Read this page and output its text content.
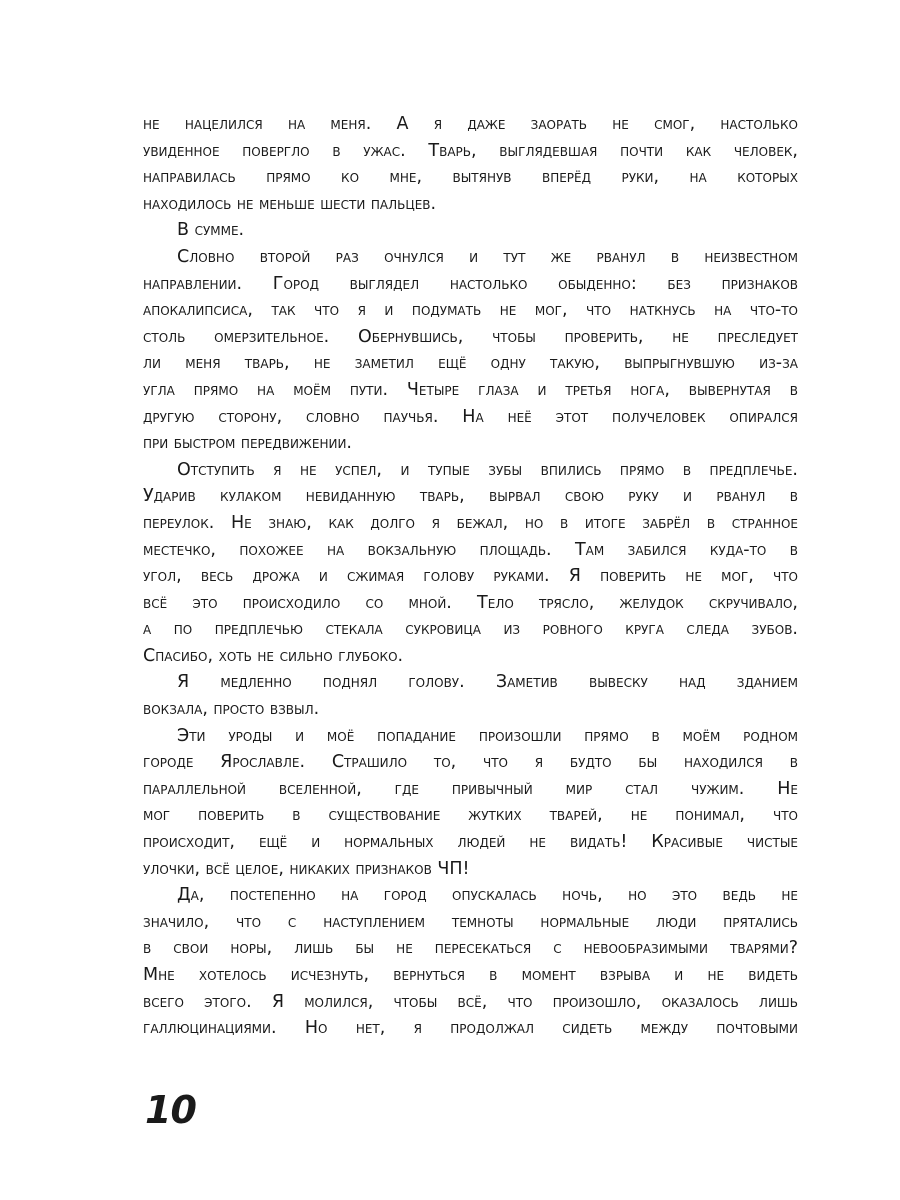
не нацелился на меня. А я даже заорать не смог, настолько
увиденное повергло в ужас. Тварь, выглядевшая почти как человек,
направилась прямо ко мне, вытянув вперёд руки, на которых
находилось не меньше шести пальцев.
В сумме.
Словно второй раз очнулся и тут же рванул в неизвестном
направлении. Город выглядел настолько обыденно: без признаков
апокалипсиса, так что я и подумать не мог, что наткнусь на что-то
столь омерзительное. Обернувшись, чтобы проверить, не преследует
ли меня тварь, не заметил ещё одну такую, выпрыгнувшую из-за
угла прямо на моём пути. Четыре глаза и третья нога, вывернутая в
другую сторону, словно паучья. На неё этот получеловек опирался
при быстром передвижении.
Отступить я не успел, и тупые зубы впились прямо в предплечье.
Ударив кулаком невиданную тварь, вырвал свою руку и рванул в
переулок. Не знаю, как долго я бежал, но в итоге забрёл в странное
местечко, похожее на вокзальную площадь. Там забился куда-то в
угол, весь дрожа и сжимая голову руками. Я поверить не мог, что
всё это происходило со мной. Тело трясло, желудок скручивало,
а по предплечью стекала сукровица из ровного круга следа зубов.
Спасибо, хоть не сильно глубоко.
Я медленно поднял голову. Заметив вывеску над зданием
вокзала, просто взвыл.
Эти уроды и моё попадание произошли прямо в моём родном
городе Ярославле. Страшило то, что я будто бы находился в
параллельной вселенной, где привычный мир стал чужим. Не
мог поверить в существование жутких тварей, не понимал, что
происходит, ещё и нормальных людей не видать! Красивые чистые
улочки, всё целое, никаких признаков ЧП!
Да, постепенно на город опускалась ночь, но это ведь не
значило, что с наступлением темноты нормальные люди прятались
в свои норы, лишь бы не пересекаться с невообразимыми тварями?
Мне хотелось исчезнуть, вернуться в момент взрыва и не видеть
всего этого. Я молился, чтобы всё, что произошло, оказалось лишь
галлюцинациями. Но нет, я продолжал сидеть между почтовыми
10
